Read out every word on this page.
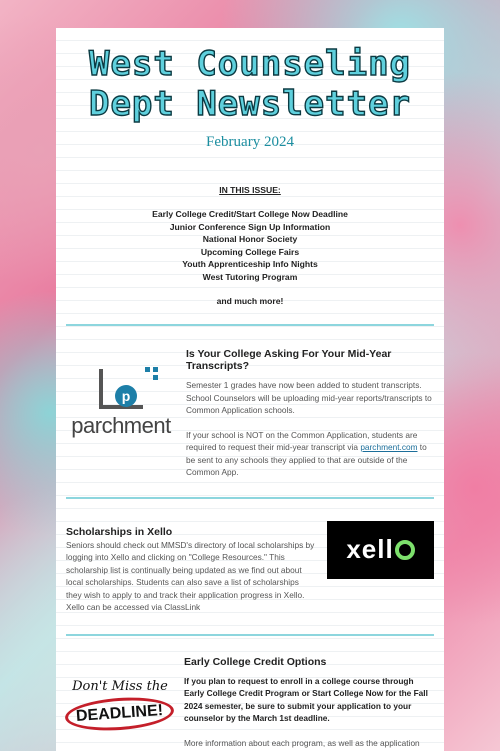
West Counseling
Dept Newsletter
February 2024
IN THIS ISSUE:
Early College Credit/Start College Now Deadline
Junior Conference Sign Up Information
National Honor Society
Upcoming College Fairs
Youth Apprenticeship Info Nights
West Tutoring Program
and much more!
p
parchment
Is Your College Asking For Your Mid-Year Transcripts?

Semester 1 grades have now been added to student transcripts. School Counselors will be uploading mid-year reports/transcripts to Common Application schools.

If your school is NOT on the Common Application, students are required to request their mid-year transcript via parchment.com to be sent to any schools they applied to that are outside of the Common App.

Scholarships in Xello
xell

Seniors should check out MMSD's directory of local scholarships by logging into Xello and clicking on "College Resources." This scholarship list is continually being updated as we find out about local scholarships. Students can also save a list of scholarships they wish to apply to and track their application progress in Xello. Xello can be accessed via ClassLink

Don't Miss the
DEADLINE!
Early College Credit Options

If you plan to request to enroll in a college course through Early College Credit Program or Start College Now for the Fall 2024 semester, be sure to submit your application to your counselor by the March 1st deadline.

More information about each program, as well as the application
